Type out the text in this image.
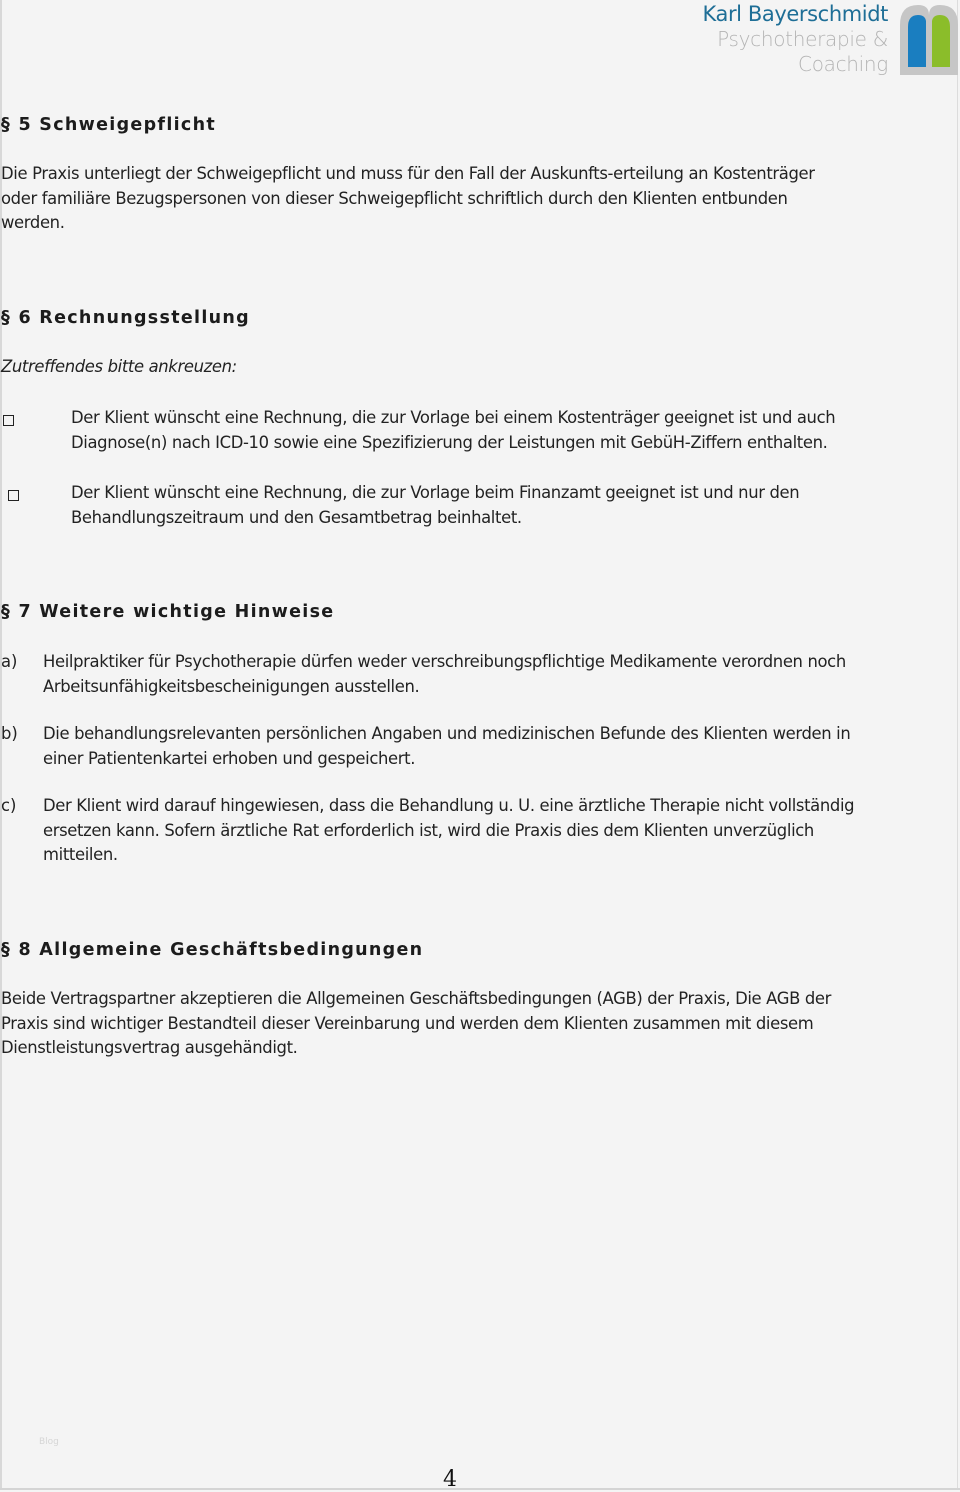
Karl Bayerschmidt
Psychotherapie &
Coaching
§ 5 Schweigepflicht
Die Praxis unterliegt der Schweigepflicht und muss für den Fall der Auskunfts-erteilung an Kostenträger
oder familiäre Bezugspersonen von dieser Schweigepflicht schriftlich durch den Klienten entbunden
werden.
§ 6 Rechnungsstellung
Zutreffendes bitte ankreuzen:
Der Klient wünscht eine Rechnung, die zur Vorlage bei einem Kostenträger geeignet ist und auch
Diagnose(n) nach ICD-10 sowie eine Spezifizierung der Leistungen mit GebüH-Ziffern enthalten.
Der Klient wünscht eine Rechnung, die zur Vorlage beim Finanzamt geeignet ist und nur den
Behandlungszeitraum und den Gesamtbetrag beinhaltet.
§ 7 Weitere wichtige Hinweise
a) Heilpraktiker für Psychotherapie dürfen weder verschreibungspflichtige Medikamente verordnen noch
Arbeitsunfähigkeitsbescheinigungen ausstellen.
b) Die behandlungsrelevanten persönlichen Angaben und medizinischen Befunde des Klienten werden in
einer Patientenkartei erhoben und gespeichert.
c) Der Klient wird darauf hingewiesen, dass die Behandlung u. U. eine ärztliche Therapie nicht vollständig
ersetzen kann. Sofern ärztliche Rat erforderlich ist, wird die Praxis dies dem Klienten unverzüglich
mitteilen.
§ 8 Allgemeine Geschäftsbedingungen
Beide Vertragspartner akzeptieren die Allgemeinen Geschäftsbedingungen (AGB) der Praxis, Die AGB der
Praxis sind wichtiger Bestandteil dieser Vereinbarung und werden dem Klienten zusammen mit diesem
Dienstleistungsvertrag ausgehändigt.
Blog
4
